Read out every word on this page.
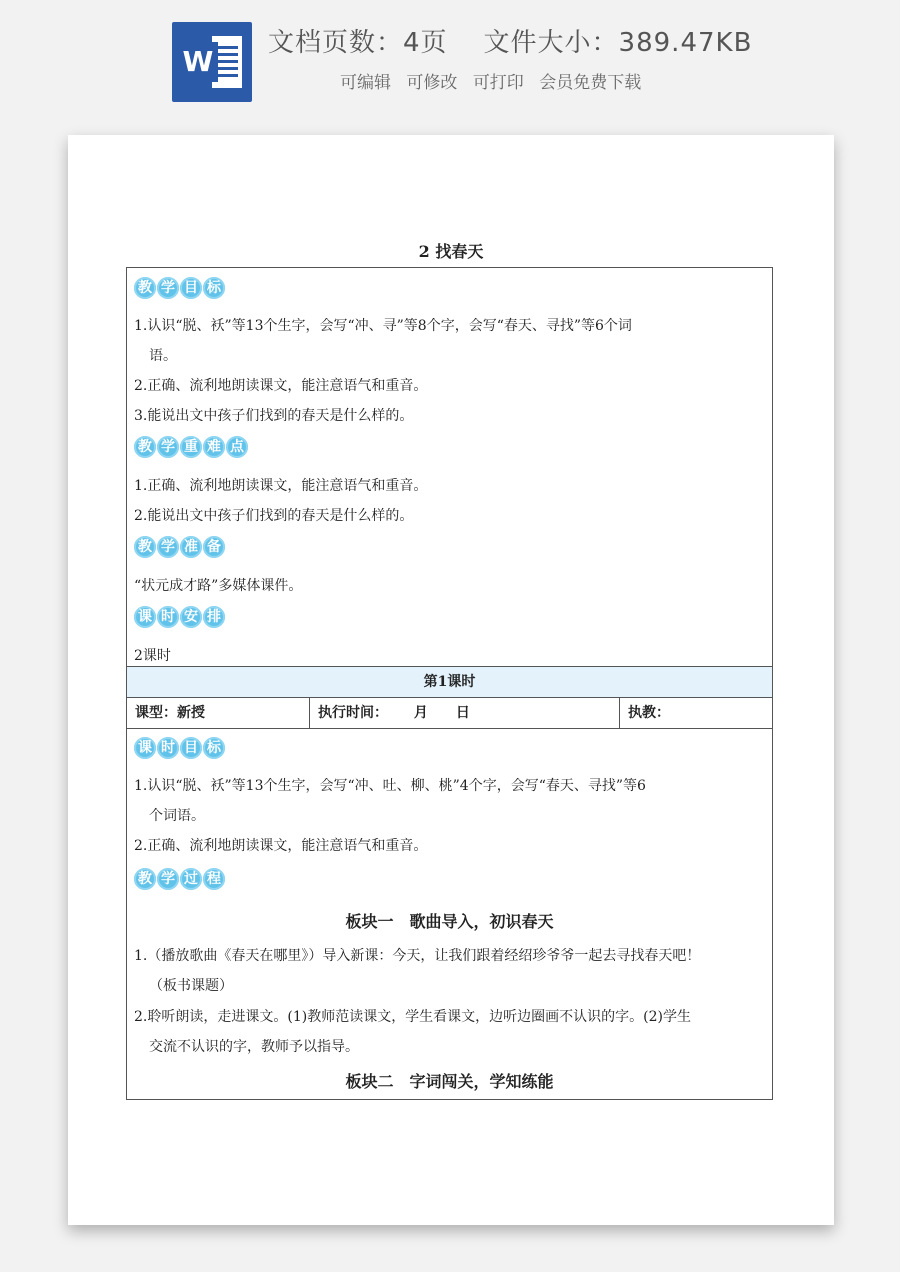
W
文档页数：4页 文件大小：389.47KB
可编辑 可修改 可打印 会员免费下载
2 找春天
教 学 目 标
1.认识“脱、袄”等13个生字，会写“冲、寻”等8个字，会写“春天、寻找”等6个词
语。
2.正确、流利地朗读课文，能注意语气和重音。
3.能说出文中孩子们找到的春天是什么样的。
教 学 重 难 点
1.正确、流利地朗读课文，能注意语气和重音。
2.能说出文中孩子们找到的春天是什么样的。
教 学 准 备
“状元成才路”多媒体课件。
课 时 安 排
2课时
第1课时
课型：新授	执行时间：　　 月　　日	执教：
课 时 目 标
1.认识“脱、袄”等13个生字，会写“冲、吐、柳、桃”4个字，会写“春天、寻找”等6
个词语。
2.正确、流利地朗读课文，能注意语气和重音。
教 学 过 程
板块一　歌曲导入，初识春天
1.（播放歌曲《春天在哪里》）导入新课：今天，让我们跟着经绍珍爷爷一起去寻找春天吧！
（板书课题）
2.聆听朗读，走进课文。(1)教师范读课文，学生看课文，边听边圈画不认识的字。(2)学生
交流不认识的字，教师予以指导。
板块二　字词闯关，学知练能
